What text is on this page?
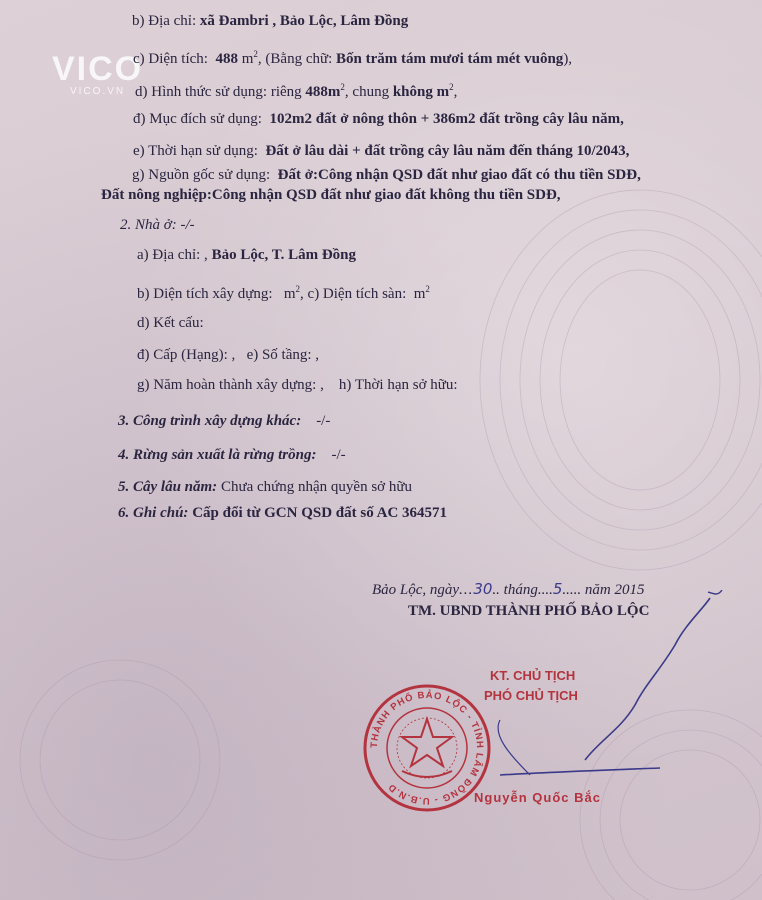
VICO
VICO.VN
b) Địa chỉ: xã Đambri , Bảo Lộc, Lâm Đồng
c) Diện tích: 488 $m^2$, (Bằng chữ: Bốn trăm tám mươi tám mét vuông),
d) Hình thức sử dụng: riêng $488m^2$, chung không $m^2$,
đ) Mục đích sử dụng: 102m2 đất ở nông thôn + 386m2 đất trồng cây lâu năm,
e) Thời hạn sử dụng: Đất ở lâu dài + đất trồng cây lâu năm đến tháng 10/2043,
g) Nguồn gốc sử dụng: Đất ở:Công nhận QSD đất như giao đất có thu tiền SDĐ,
Đất nông nghiệp:Công nhận QSD đất như giao đất không thu tiền SDĐ,
2. Nhà ở: -/-
a) Địa chỉ: , Bảo Lộc, T. Lâm Đồng
b) Diện tích xây dựng: $m^2$, c) Diện tích sàn: $m^2$
d) Kết cấu:
đ) Cấp (Hạng): , e) Số tầng: ,
g) Năm hoàn thành xây dựng: , h) Thời hạn sở hữu:
3. Công trình xây dựng khác: -/-
4. Rừng sản xuất là rừng trồng: -/-
5. Cây lâu năm: Chưa chứng nhận quyền sở hữu
6. Ghi chú: Cấp đổi từ GCN QSD đất số AC 364571
Bảo Lộc, ngày...30.. tháng....5..... năm 2015
TM. UBND THÀNH PHỐ BẢO LỘC
KT. CHỦ TỊCH
PHÓ CHỦ TỊCH
Nguyễn Quốc Bắc
THÀNH PHỐ BẢO LỘC - TỈNH LÂM ĐỒNG - U.B.N.D
